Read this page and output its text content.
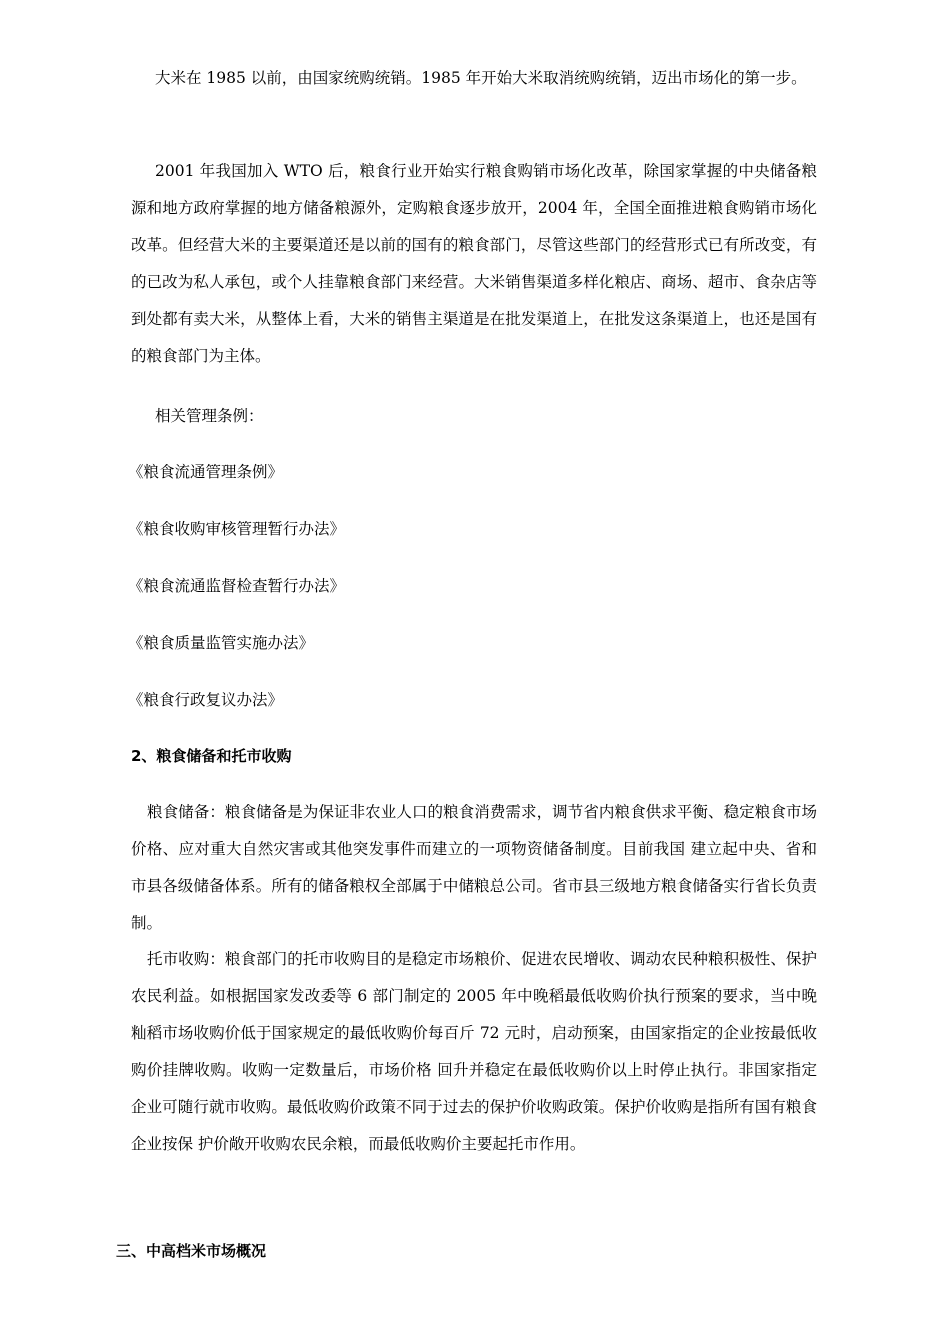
大米在 1985 以前，由国家统购统销。1985 年开始大米取消统购统销，迈出市场化的第一步。

2001 年我国加入 WTO 后，粮食行业开始实行粮食购销市场化改革，除国家掌握的中央储备粮源和地方政府掌握的地方储备粮源外，定购粮食逐步放开，2004 年，全国全面推进粮食购销市场化改革。但经营大米的主要渠道还是以前的国有的粮食部门，尽管这些部门的经营形式已有所改变，有的已改为私人承包，或个人挂靠粮食部门来经营。大米销售渠道多样化粮店、商场、超市、食杂店等到处都有卖大米，从整体上看，大米的销售主渠道是在批发渠道上，在批发这条渠道上，也还是国有的粮食部门为主体。

相关管理条例：

《粮食流通管理条例》

《粮食收购审核管理暂行办法》

《粮食流通监督检查暂行办法》

《粮食质量监管实施办法》

《粮食行政复议办法》

2、粮食储备和托市收购

粮食储备：粮食储备是为保证非农业人口的粮食消费需求，调节省内粮食供求平衡、稳定粮食市场价格、应对重大自然灾害或其他突发事件而建立的一项物资储备制度。目前我国 建立起中央、省和市县各级储备体系。所有的储备粮权全部属于中储粮总公司。省市县三级地方粮食储备实行省长负责制。

托市收购：粮食部门的托市收购目的是稳定市场粮价、促进农民增收、调动农民种粮积极性、保护农民利益。如根据国家发改委等 6 部门制定的 2005 年中晚稻最低收购价执行预案的要求，当中晚籼稻市场收购价低于国家规定的最低收购价每百斤 72 元时，启动预案，由国家指定的企业按最低收购价挂牌收购。收购一定数量后，市场价格 回升并稳定在最低收购价以上时停止执行。非国家指定企业可随行就市收购。最低收购价政策不同于过去的保护价收购政策。保护价收购是指所有国有粮食企业按保 护价敞开收购农民余粮，而最低收购价主要起托市作用。

三、中高档米市场概况
